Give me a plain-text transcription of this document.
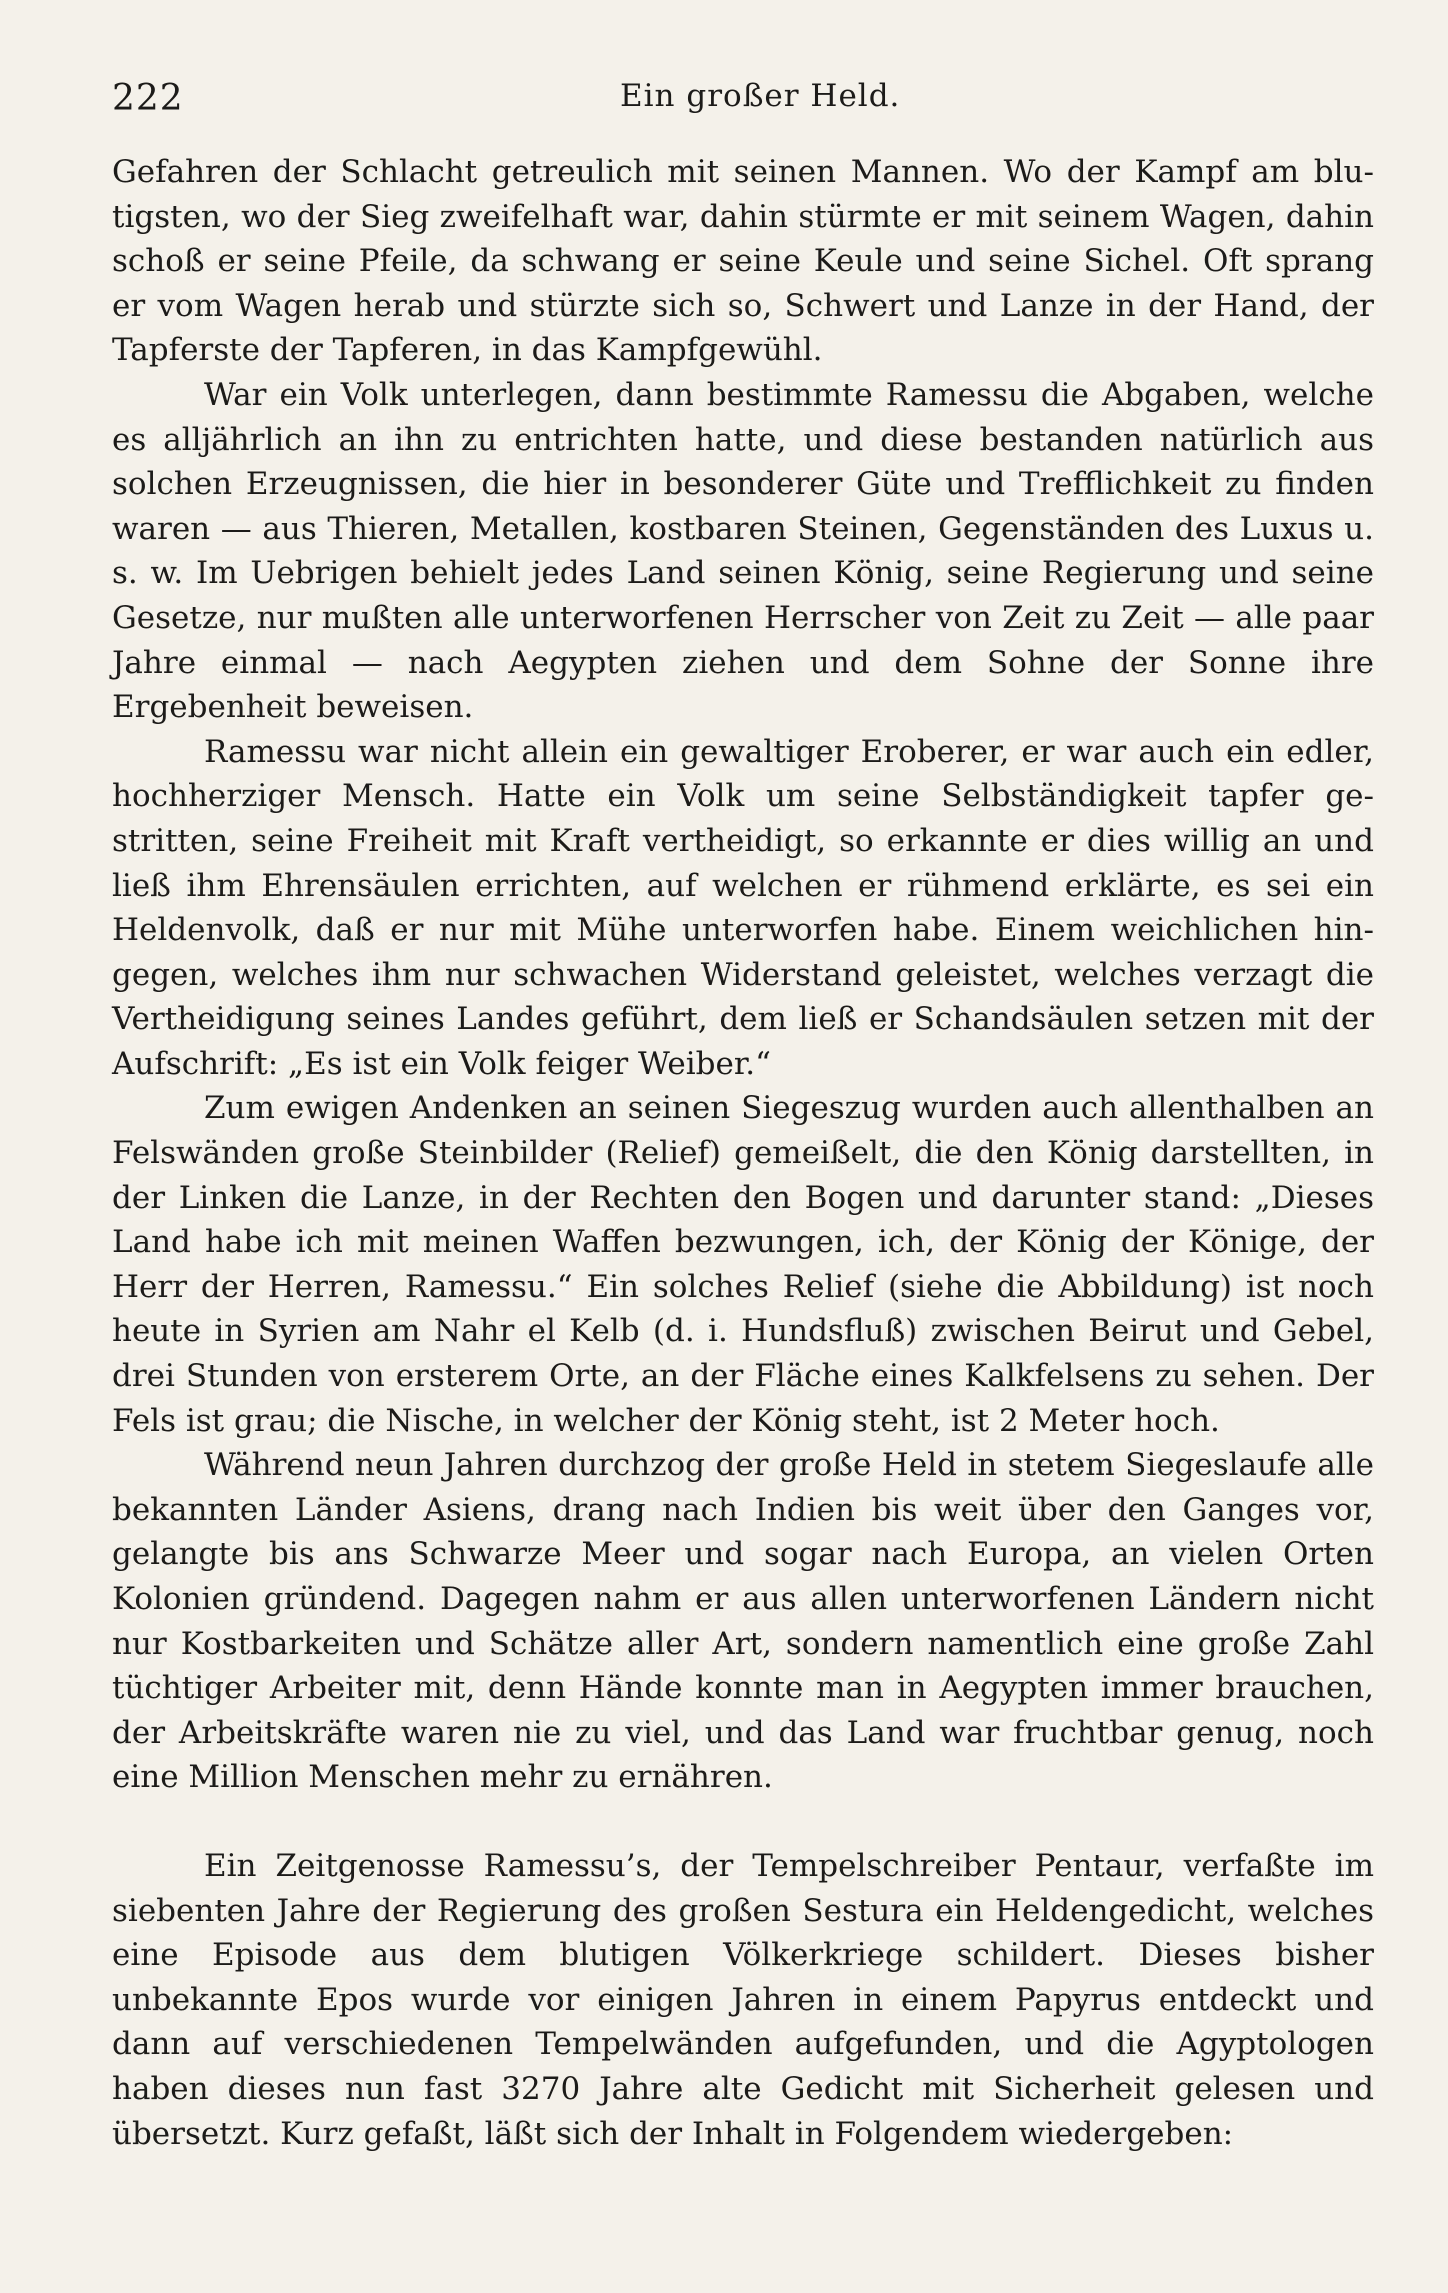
222	Ein großer Held.

Gefahren der Schlacht getreulich mit seinen Mannen. Wo der Kampf am blutigsten, wo der Sieg zweifelhaft war, dahin stürmte er mit seinem Wagen, dahin schoß er seine Pfeile, da schwang er seine Keule und seine Sichel. Oft sprang er vom Wagen herab und stürzte sich so, Schwert und Lanze in der Hand, der Tapferste der Tapferen, in das Kampfgewühl.

War ein Volk unterlegen, dann bestimmte Ramessu die Abgaben, welche es alljährlich an ihn zu entrichten hatte, und diese bestanden natürlich aus solchen Erzeugnissen, die hier in besonderer Güte und Trefflichkeit zu finden waren — aus Thieren, Metallen, kostbaren Steinen, Gegenständen des Luxus u. s. w. Im Uebrigen behielt jedes Land seinen König, seine Regierung und seine Gesetze, nur mußten alle unterworfenen Herrscher von Zeit zu Zeit — alle paar Jahre einmal — nach Aegypten ziehen und dem Sohne der Sonne ihre Ergebenheit beweisen.

Ramessu war nicht allein ein gewaltiger Eroberer, er war auch ein edler, hochherziger Mensch. Hatte ein Volk um seine Selbständigkeit tapfer gestritten, seine Freiheit mit Kraft vertheidigt, so erkannte er dies willig an und ließ ihm Ehrensäulen errichten, auf welchen er rühmend erklärte, es sei ein Heldenvolk, daß er nur mit Mühe unterworfen habe. Einem weichlichen hingegen, welches ihm nur schwachen Widerstand geleistet, welches verzagt die Vertheidigung seines Landes geführt, dem ließ er Schandsäulen setzen mit der Aufschrift: „Es ist ein Volk feiger Weiber.“

Zum ewigen Andenken an seinen Siegeszug wurden auch allenthalben an Felswänden große Steinbilder (Relief) gemeißelt, die den König darstellten, in der Linken die Lanze, in der Rechten den Bogen und darunter stand: „Dieses Land habe ich mit meinen Waffen bezwungen, ich, der König der Könige, der Herr der Herren, Ramessu.“ Ein solches Relief (siehe die Abbildung) ist noch heute in Syrien am Nahr el Kelb (d. i. Hundsfluß) zwischen Beirut und Gebel, drei Stunden von ersterem Orte, an der Fläche eines Kalkfelsens zu sehen. Der Fels ist grau; die Nische, in welcher der König steht, ist 2 Meter hoch.

Während neun Jahren durchzog der große Held in stetem Siegeslaufe alle bekannten Länder Asiens, drang nach Indien bis weit über den Ganges vor, gelangte bis ans Schwarze Meer und sogar nach Europa, an vielen Orten Kolonien gründend. Dagegen nahm er aus allen unterworfenen Ländern nicht nur Kostbarkeiten und Schätze aller Art, sondern namentlich eine große Zahl tüchtiger Arbeiter mit, denn Hände konnte man in Aegypten immer brauchen, der Arbeitskräfte waren nie zu viel, und das Land war fruchtbar genug, noch eine Million Menschen mehr zu ernähren.

Ein Zeitgenosse Ramessu’s, der Tempelschreiber Pentaur, verfaßte im siebenten Jahre der Regierung des großen Sestura ein Heldengedicht, welches eine Episode aus dem blutigen Völkerkriege schildert. Dieses bisher unbekannte Epos wurde vor einigen Jahren in einem Papyrus entdeckt und dann auf verschiedenen Tempelwänden aufgefunden, und die Agyptologen haben dieses nun fast 3270 Jahre alte Gedicht mit Sicherheit gelesen und übersetzt. Kurz gefaßt, läßt sich der Inhalt in Folgendem wiedergeben:
